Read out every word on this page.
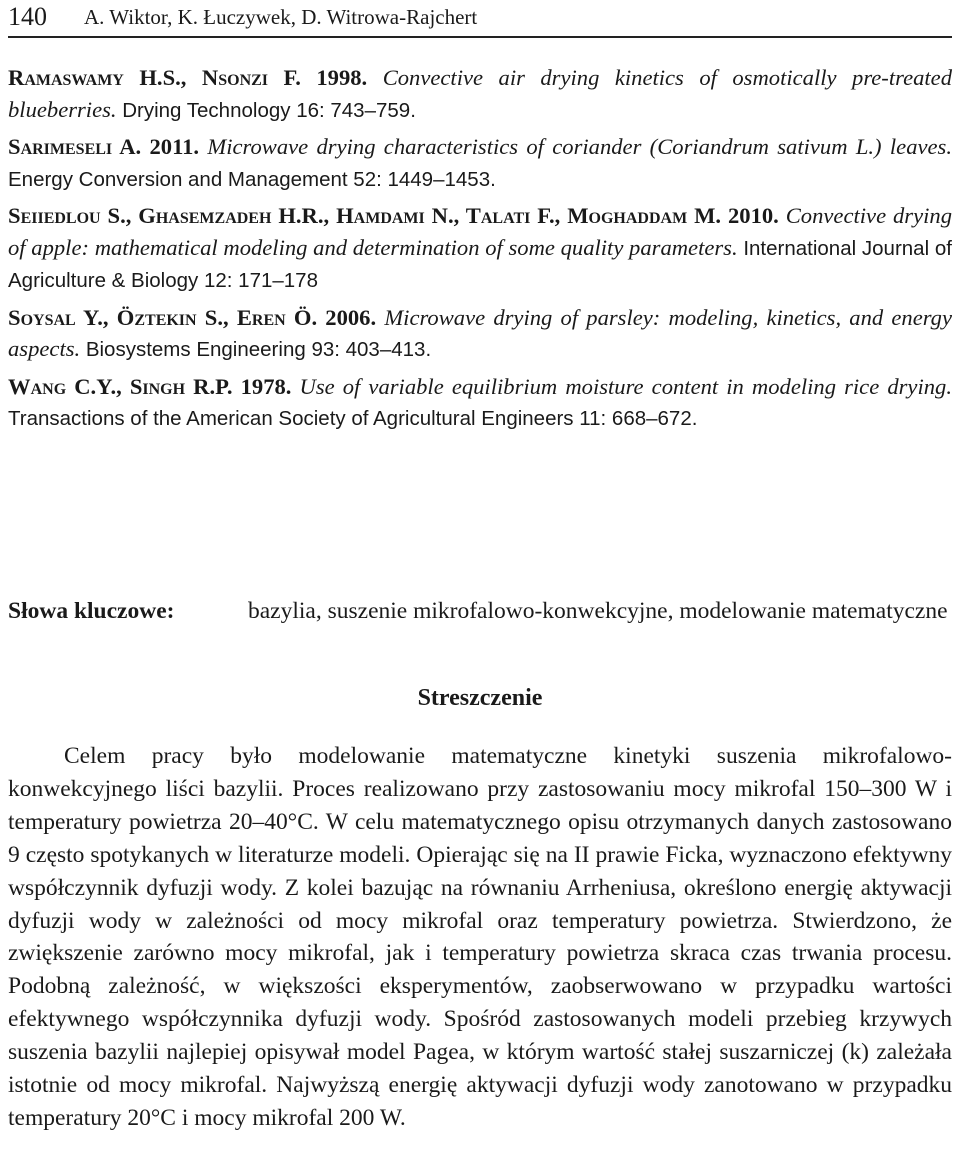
140 A. Wiktor, K. Łuczywek, D. Witrowa-Rajchert

Ramaswamy H.S., Nsonzi F. 1998. Convective air drying kinetics of osmotically pre-treated blueberries. Drying Technology 16: 743–759.

Sarimeseli A. 2011. Microwave drying characteristics of coriander (Coriandrum sativum L.) leaves. Energy Conversion and Management 52: 1449–1453.

Seiiedlou S., Ghasemzadeh H.R., Hamdami N., Talati F., Moghaddam M. 2010. Convective drying of apple: mathematical modeling and determination of some quality parameters. International Journal of Agriculture & Biology 12: 171–178

Soysal Y., Öztekin S., Eren Ö. 2006. Microwave drying of parsley: modeling, kinetics, and energy aspects. Biosystems Engineering 93: 403–413.

Wang C.Y., Singh R.P. 1978. Use of variable equilibrium moisture content in modeling rice drying. Transactions of the American Society of Agricultural Engineers 11: 668–672.

Słowa kluczowe:	bazylia, suszenie mikrofalowo-konwekcyjne, modelowanie matematyczne
Streszczenie

Celem pracy było modelowanie matematyczne kinetyki suszenia mikrofalowo-konwekcyjnego liści bazylii. Proces realizowano przy zastosowaniu mocy mikrofal 150–300 W i temperatury powietrza 20–40°C. W celu matematycznego opisu otrzymanych danych zastosowano 9 często spotykanych w literaturze modeli. Opierając się na II prawie Ficka, wyznaczono efektywny współczynnik dyfuzji wody. Z kolei bazując na równaniu Arrheniusa, określono energię aktywacji dyfuzji wody w zależności od mocy mikrofal oraz temperatury powietrza. Stwierdzono, że zwiększenie zarówno mocy mikrofal, jak i temperatury powietrza skraca czas trwania procesu. Podobną zależność, w większości eksperymentów, zaobserwowano w przypadku wartości efektywnego współczynnika dyfuzji wody. Spośród zastosowanych modeli przebieg krzywych suszenia bazylii najlepiej opisywał model Pagea, w którym wartość stałej suszarniczej (k) zależała istotnie od mocy mikrofal. Najwyższą energię aktywacji dyfuzji wody zanotowano w przypadku temperatury 20°C i mocy mikrofal 200 W.
